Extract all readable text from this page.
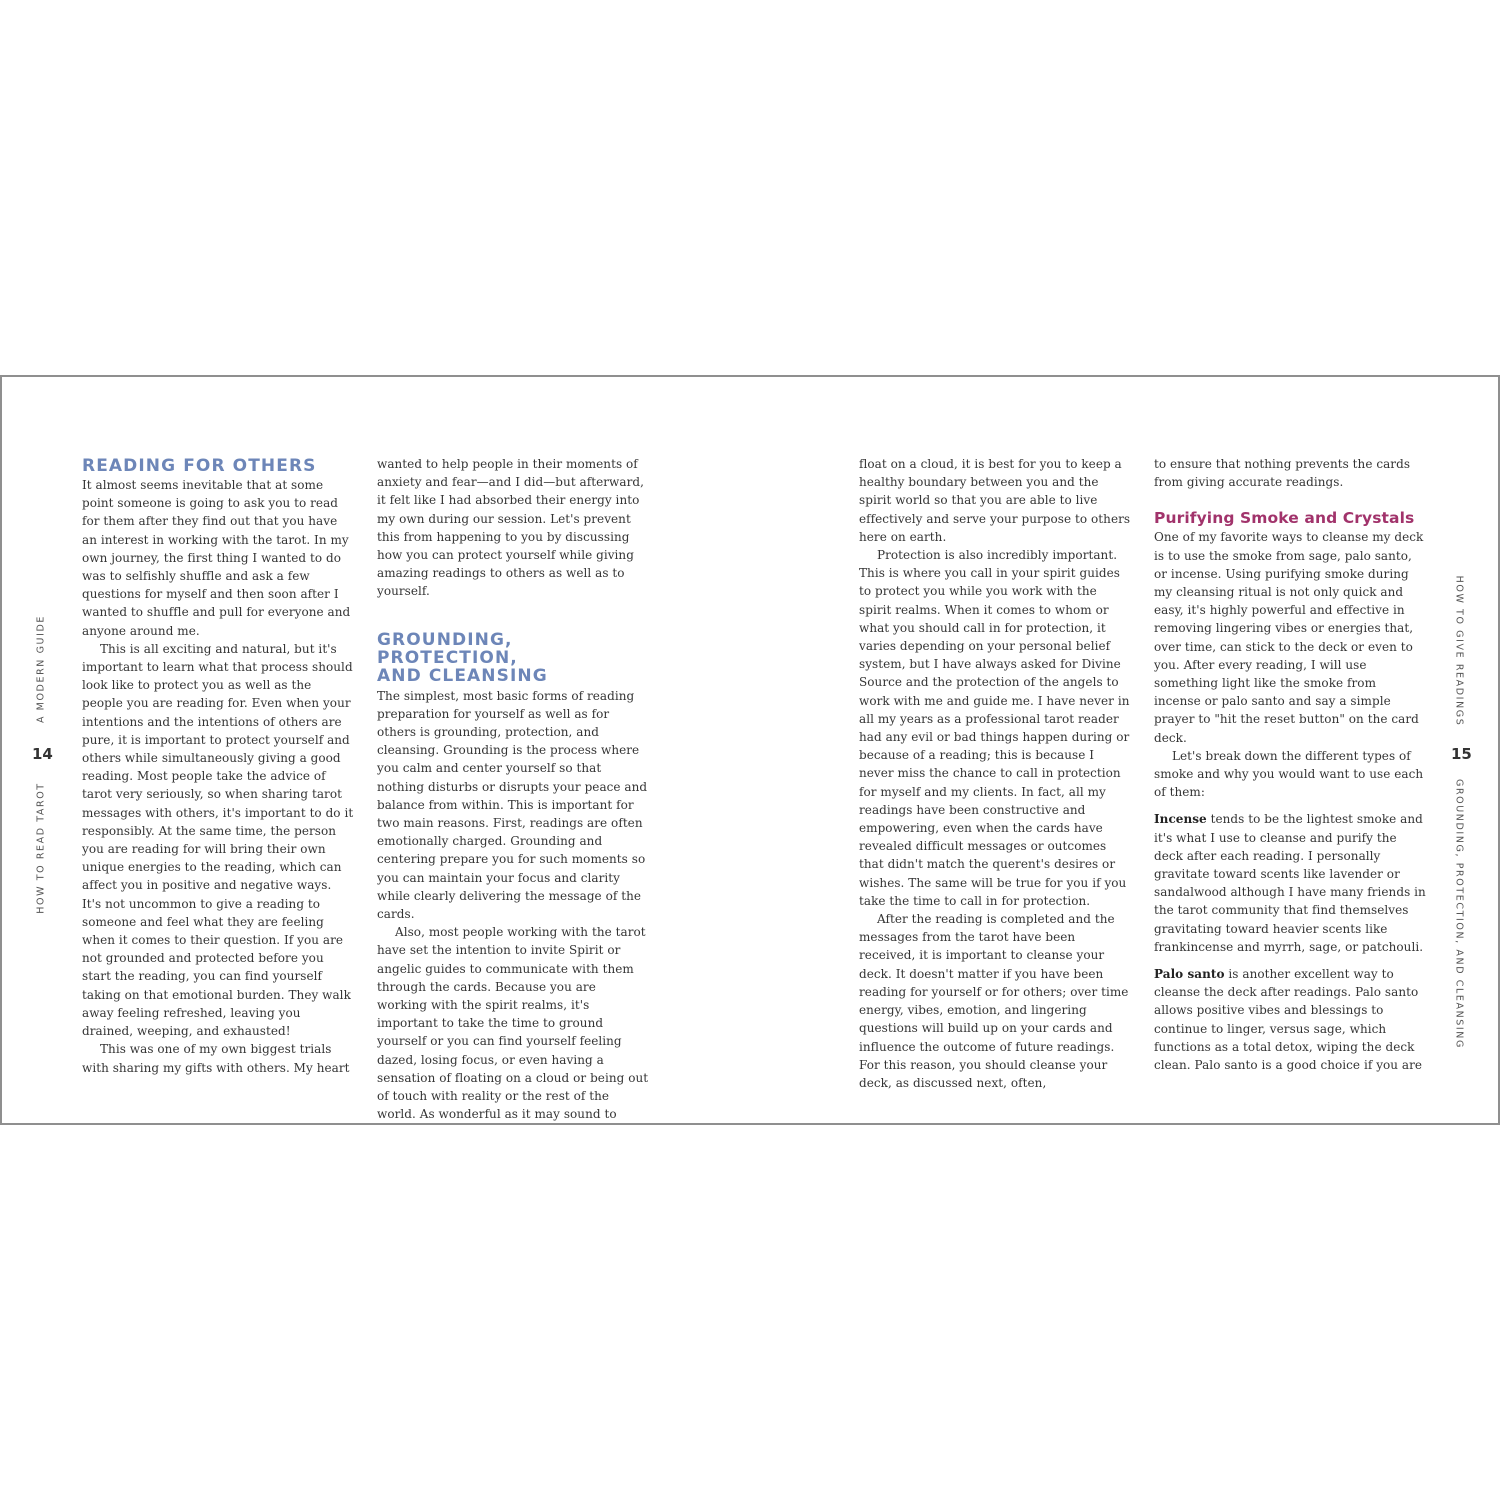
A MODERN GUIDE
14
HOW TO READ TAROT
READING FOR OTHERS

It almost seems inevitable that at some point someone is going to ask you to read for them after they find out that you have an interest in working with the tarot. In my own journey, the first thing I wanted to do was to selfishly shuffle and ask a few questions for myself and then soon after I wanted to shuffle and pull for everyone and anyone around me.

This is all exciting and natural, but it's important to learn what that process should look like to protect you as well as the people you are reading for. Even when your intentions and the intentions of others are pure, it is important to protect yourself and others while simultaneously giving a good reading. Most people take the advice of tarot very seriously, so when sharing tarot messages with others, it's important to do it responsibly. At the same time, the person you are reading for will bring their own unique energies to the reading, which can affect you in positive and negative ways. It's not uncommon to give a reading to someone and feel what they are feeling when it comes to their question. If you are not grounded and protected before you start the reading, you can find yourself taking on that emotional burden. They walk away feeling refreshed, leaving you drained, weeping, and exhausted!

This was one of my own biggest trials with sharing my gifts with others. My heart

wanted to help people in their moments of anxiety and fear—and I did—but afterward, it felt like I had absorbed their energy into my own during our session. Let's prevent this from happening to you by discussing how you can protect yourself while giving amazing readings to others as well as to yourself.

GROUNDING, PROTECTION,
AND CLEANSING

The simplest, most basic forms of reading preparation for yourself as well as for others is grounding, protection, and cleansing. Grounding is the process where you calm and center yourself so that nothing disturbs or disrupts your peace and balance from within. This is important for two main reasons. First, readings are often emotionally charged. Grounding and centering prepare you for such moments so you can maintain your focus and clarity while clearly delivering the message of the cards.

Also, most people working with the tarot have set the intention to invite Spirit or angelic guides to communicate with them through the cards. Because you are working with the spirit realms, it's important to take the time to ground yourself or you can find yourself feeling dazed, losing focus, or even having a sensation of floating on a cloud or being out of touch with reality or the rest of the world. As wonderful as it may sound to

float on a cloud, it is best for you to keep a healthy boundary between you and the spirit world so that you are able to live effectively and serve your purpose to others here on earth.

Protection is also incredibly important. This is where you call in your spirit guides to protect you while you work with the spirit realms. When it comes to whom or what you should call in for protection, it varies depending on your personal belief system, but I have always asked for Divine Source and the protection of the angels to work with me and guide me. I have never in all my years as a professional tarot reader had any evil or bad things happen during or because of a reading; this is because I never miss the chance to call in protection for myself and my clients. In fact, all my readings have been constructive and empowering, even when the cards have revealed difficult messages or outcomes that didn't match the querent's desires or wishes. The same will be true for you if you take the time to call in for protection.

After the reading is completed and the messages from the tarot have been received, it is important to cleanse your deck. It doesn't matter if you have been reading for yourself or for others; over time energy, vibes, emotion, and lingering questions will build up on your cards and influence the outcome of future readings. For this reason, you should cleanse your deck, as discussed next, often,

to ensure that nothing prevents the cards from giving accurate readings.

Purifying Smoke and Crystals

One of my favorite ways to cleanse my deck is to use the smoke from sage, palo santo, or incense. Using purifying smoke during my cleansing ritual is not only quick and easy, it's highly powerful and effective in removing lingering vibes or energies that, over time, can stick to the deck or even to you. After every reading, I will use something light like the smoke from incense or palo santo and say a simple prayer to "hit the reset button" on the card deck.

Let's break down the different types of smoke and why you would want to use each of them:

Incense tends to be the lightest smoke and it's what I use to cleanse and purify the deck after each reading. I personally gravitate toward scents like lavender or sandalwood although I have many friends in the tarot community that find themselves gravitating toward heavier scents like frankincense and myrrh, sage, or patchouli.

Palo santo is another excellent way to cleanse the deck after readings. Palo santo allows positive vibes and blessings to continue to linger, versus sage, which functions as a total detox, wiping the deck clean. Palo santo is a good choice if you are

HOW TO GIVE READINGS
15
GROUNDING, PROTECTION, AND CLEANSING
